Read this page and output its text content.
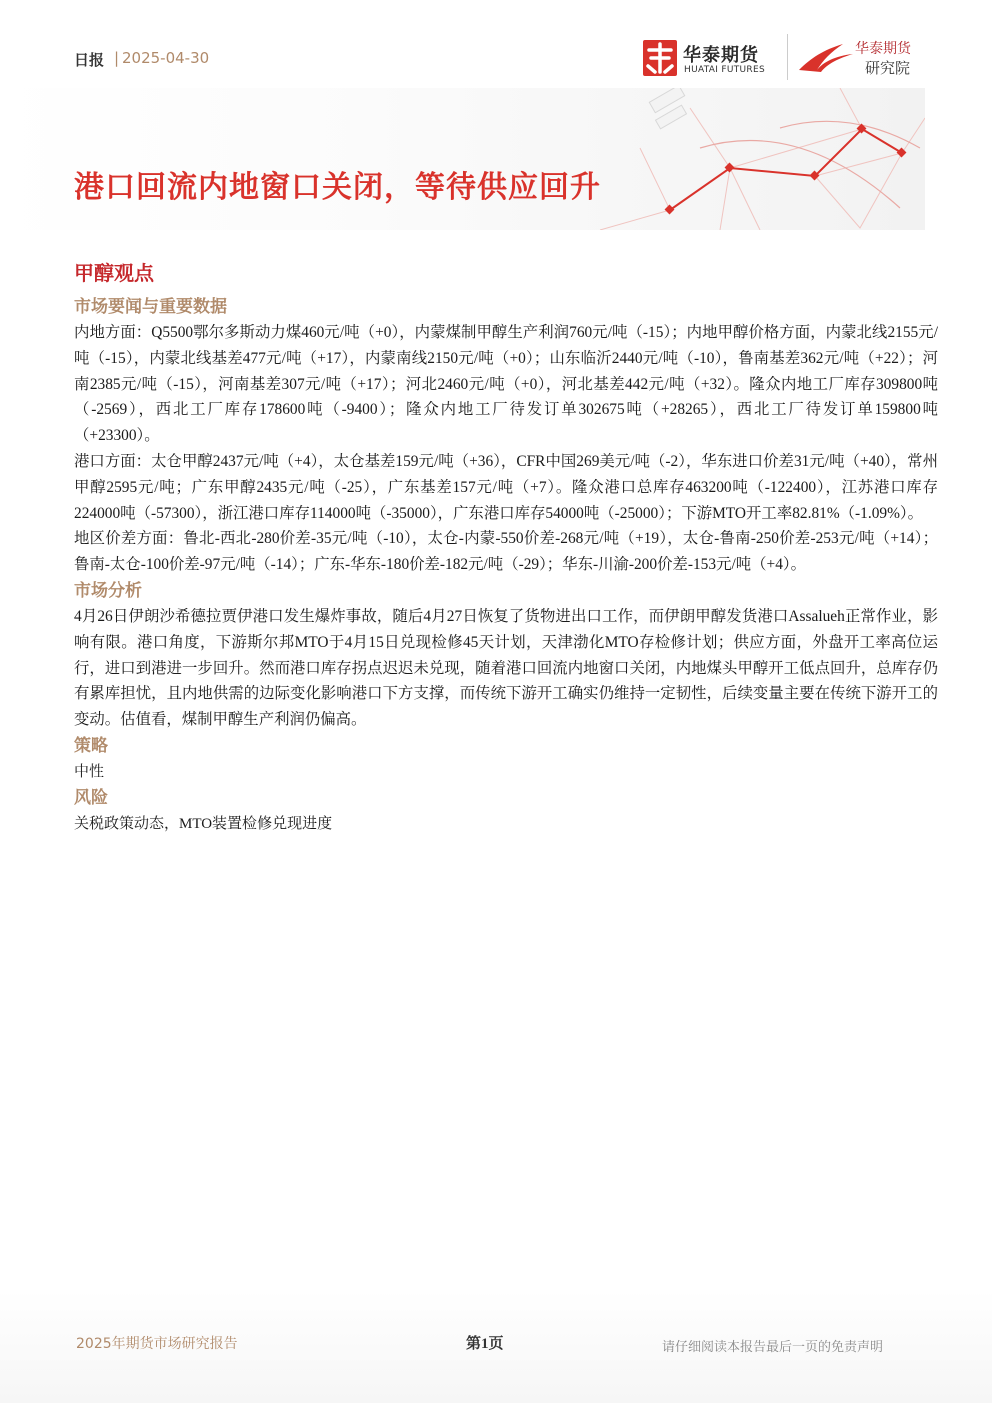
日报 | 2025-04-30	华泰期货
HUATAI FUTURES
华泰期货
研究院
港口回流内地窗口关闭，等待供应回升
甲醇观点
市场要闻与重要数据

内地方面：Q5500鄂尔多斯动力煤460元/吨（+0），内蒙煤制甲醇生产利润760元/吨（-15）；内地甲醇价格方面，内蒙北线2155元/吨（-15），内蒙北线基差477元/吨（+17），内蒙南线2150元/吨（+0）；山东临沂2440元/吨（-10），鲁南基差362元/吨（+22）；河南2385元/吨（-15），河南基差307元/吨（+17）；河北2460元/吨（+0），河北基差442元/吨（+32）。隆众内地工厂库存309800吨（-2569），西北工厂库存178600吨（-9400）；隆众内地工厂待发订单302675吨（+28265），西北工厂待发订单159800吨（+23300）。

港口方面：太仓甲醇2437元/吨（+4），太仓基差159元/吨（+36），CFR中国269美元/吨（-2），华东进口价差31元/吨（+40），常州甲醇2595元/吨；广东甲醇2435元/吨（-25），广东基差157元/吨（+7）。隆众港口总库存463200吨（-122400），江苏港口库存224000吨（-57300），浙江港口库存114000吨（-35000），广东港口库存54000吨（-25000）；下游MTO开工率82.81%（-1.09%）。

地区价差方面：鲁北-西北-280价差-35元/吨（-10），太仓-内蒙-550价差-268元/吨（+19），太仓-鲁南-250价差-253元/吨（+14）；鲁南-太仓-100价差-97元/吨（-14）；广东-华东-180价差-182元/吨（-29）；华东-川渝-200价差-153元/吨（+4）。

市场分析

4月26日伊朗沙希德拉贾伊港口发生爆炸事故，随后4月27日恢复了货物进出口工作，而伊朗甲醇发货港口Assalueh正常作业，影响有限。港口角度，下游斯尔邦MTO于4月15日兑现检修45天计划，天津渤化MTO存检修计划；供应方面，外盘开工率高位运行，进口到港进一步回升。然而港口库存拐点迟迟未兑现，随着港口回流内地窗口关闭，内地煤头甲醇开工低点回升，总库存仍有累库担忧，且内地供需的边际变化影响港口下方支撑，而传统下游开工确实仍维持一定韧性，后续变量主要在传统下游开工的变动。估值看，煤制甲醇生产利润仍偏高。

策略

中性

风险

关税政策动态，MTO装置检修兑现进度

2025年期货市场研究报告	第1页	请仔细阅读本报告最后一页的免责声明
